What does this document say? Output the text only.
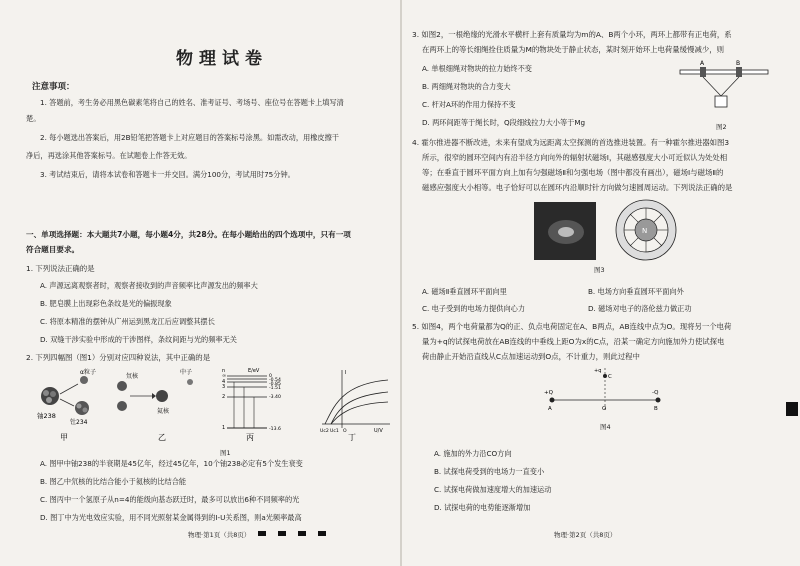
物理试卷
注意事项：
1. 答题前，考生务必用黑色碳素笔将自己的姓名、准考证号、考场号、座位号在答题卡上填写清
楚。
2. 每小题选出答案后，用2B铅笔把答题卡上对应题目的答案标号涂黑。如需改动，用橡皮擦干
净后，再选涂其他答案标号。在试题卷上作答无效。
3. 考试结束后，请将本试卷和答题卡一并交回。满分100分，考试用时75分钟。
一、单项选择题：本大题共7小题，每小题4分，共28分。在每小题给出的四个选项中，只有一项
符合题目要求。
1. 下列说法正确的是
A. 声源远离观察者时，观察者接收到的声音频率比声源发出的频率大
B. 肥皂膜上出现彩色条纹是光的偏振现象
C. 将原本精准的摆钟从广州运到黑龙江后应调整其摆长
D. 双缝干涉实验中形成的干涉图样，条纹间距与光的频率无关
2. 下列四幅图（图1）分别对应四种说法，其中正确的是
铀238
α粒子
钍234
甲
氘核
中子
氦核
乙
E/eV
n
∞
4
3
2
1
0
-0.54
-0.85
-1.51
-3.40
-13.6
丙
I
U/V
Uc2 Uc1 O
丁
图1
A. 图甲中铀238的半衰期是45亿年，经过45亿年，10个铀238必定有5个发生衰变
B. 图乙中氘核的比结合能小于氦核的比结合能
C. 图丙中一个氢原子从n=4的能级向基态跃迁时，最多可以放出6种不同频率的光
D. 图丁中为光电效应实验，用不同光照射某金属得到的I-U关系图，则a光频率最高
物理·第1页（共8页）
3. 如图2，一根绝缘的光滑水平横杆上套有质量均为m的A、B两个小环，两环上都带有正电荷，系
在两环上的等长细绳拴住质量为M的物块处于静止状态，某时刻开始环上电荷量缓慢减少，则
A. 单根细绳对物块的拉力始终不变
B. 两细绳对物块的合力变大
C. 杆对A环的作用力保持不变
D. 两环间距等于绳长时，Q段细线拉力大小等于Mg
A	B
图2
4. 霍尔推进器不断改进，未来有望成为远距离太空探测的首选推进装置。有一种霍尔推进器如图3
所示，很窄的圆环空间内有沿半径方向向外的辐射状磁场Ⅰ，其磁感强度大小可近似认为处处相
等；在垂直于圆环平面方向上加有匀强磁场Ⅱ和匀强电场（图中都没有画出），磁场Ⅰ与磁场Ⅱ的
磁感应强度大小相等。电子恰好可以在圆环内沿顺时针方向做匀速圆周运动。下列说法正确的是
N
图3
A. 磁场Ⅱ垂直圆环平面向里	B. 电场方向垂直圆环平面向外
C. 电子受到的电场力提供向心力	D. 磁场对电子的洛伦兹力做正功
5. 如图4，两个电荷量都为Q的正、负点电荷固定在A、B两点，AB连线中点为O。现将另一个电荷
量为+q的试探电荷放在AB连线的中垂线上距O为x的C点，沿某一确定方向施加外力使试探电
荷由静止开始沿直线从C点加速运动到O点，不计重力，则此过程中
+Q	-Q
A	B
O
C
+q
图4
A. 施加的外力沿CO方向
B. 试探电荷受到的电场力一直变小
C. 试探电荷做加速度增大的加速运动
D. 试探电荷的电势能逐渐增加
物理·第2页（共8页）
